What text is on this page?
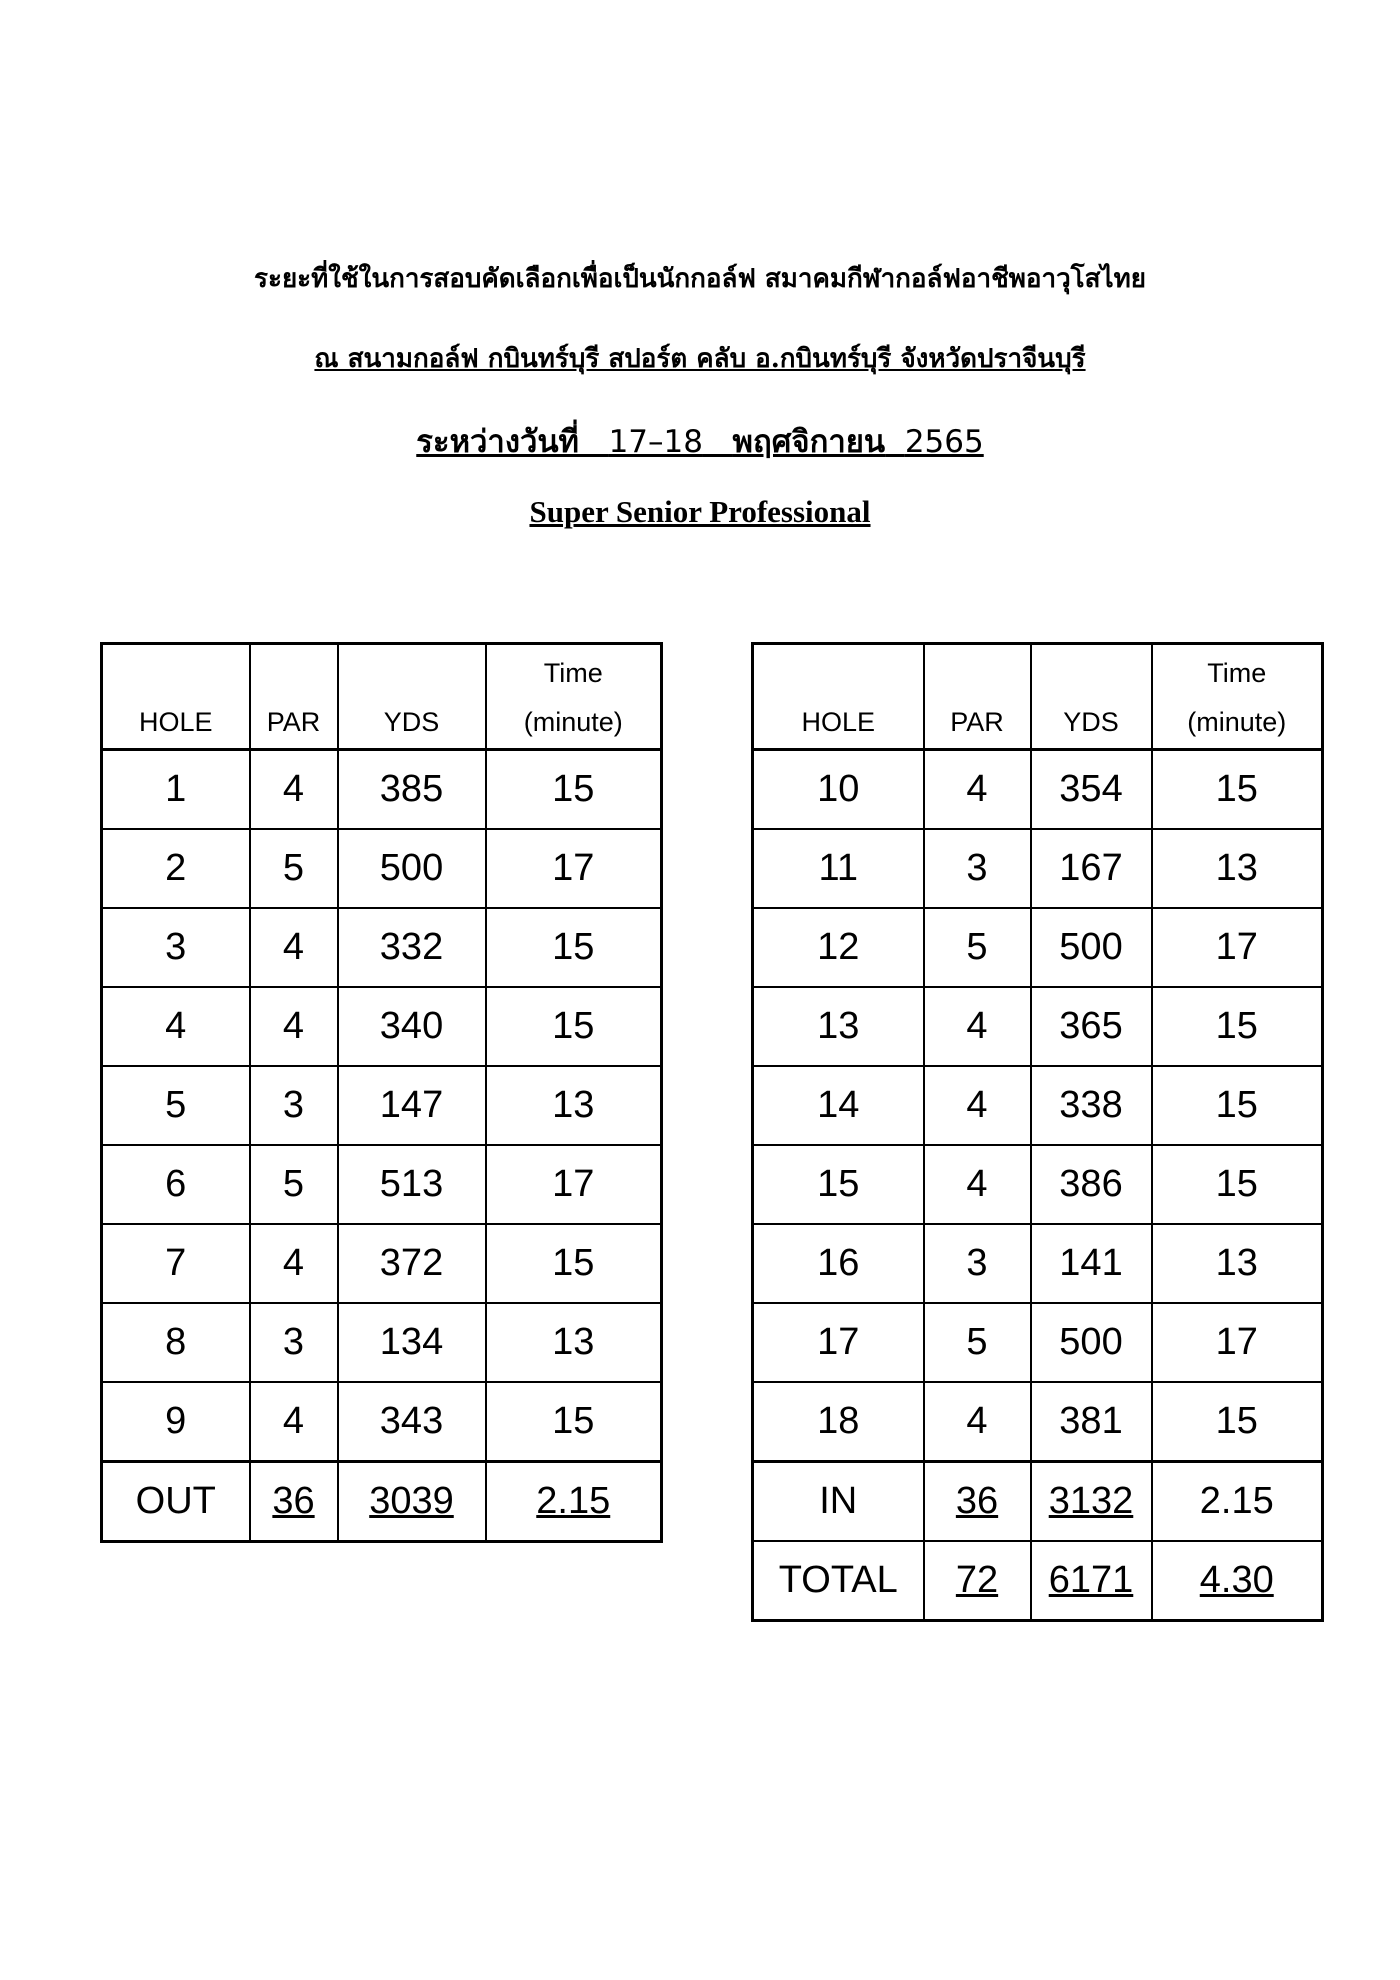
ระยะที่ใช้ในการสอบคัดเลือกเพื่อเป็นนักกอล์ฟ สมาคมกีฬากอล์ฟอาชีพอาวุโสไทย
ณ สนามกอล์ฟ กบินทร์บุรี สปอร์ต คลับ อ.กบินทร์บุรี จังหวัดปราจีนบุรี
ระหว่างวันที่ 17–18 พฤศจิกายน 2565
Super Senior Professional
HOLE	PAR	YDS	Time
(minute)
1	4	385	15
2	5	500	17
3	4	332	15
4	4	340	15
5	3	147	13
6	5	513	17
7	4	372	15
8	3	134	13
9	4	343	15
OUT	36	3039	2.15
HOLE	PAR	YDS	Time
(minute)
10	4	354	15
11	3	167	13
12	5	500	17
13	4	365	15
14	4	338	15
15	4	386	15
16	3	141	13
17	5	500	17
18	4	381	15
IN	36	3132	2.15
TOTAL	72	6171	4.30
